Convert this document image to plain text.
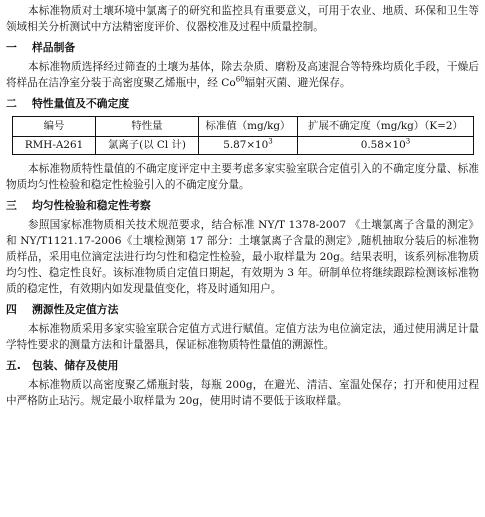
本标准物质对土壤环境中氯离子的研究和监控具有重要意义，可用于农业、地质、环保和卫生等领域相关分析测试中方法精密度评价、仪器校准及过程中质量控制。

一 样品制备

本标准物质选择经过筛查的土壤为基体，除去杂质、磨粉及高速混合等特殊均质化手段，干燥后将样品在洁净室分装于高密度聚乙烯瓶中，经 Co$^{60}$辐射灭菌、避光保存。

二 特性量值及不确定度
编号	特性量	标准值（mg/kg）	扩展不确定度（mg/kg）（K=2）
RMH-A261	氯离子(以 Cl 计)	$5.87\times 10^3$	$0.58\times 10^3$

本标准物质特性量值的不确定度评定中主要考虑多家实验室联合定值引入的不确定度分量、标准物质均匀性检验和稳定性检验引入的不确定度分量。

三 均匀性检验和稳定性考察

参照国家标准物质相关技术规范要求，结合标准 NY/T 1378-2007 《土壤氯离子含量的测定》和 NY/T1121.17-2006《土壤检测第 17 部分：土壤氯离子含量的测定》,随机抽取分装后的标准物质样品，采用电位滴定法进行均匀性和稳定性检验，最小取样量为 20g。结果表明，该系列标准物质均匀性、稳定性良好。该标准物质自定值日期起，有效期为 3 年。研制单位将继续跟踪检测该标准物质的稳定性，有效期内如发现量值变化，将及时通知用户。

四 溯源性及定值方法

本标准物质采用多家实验室联合定值方式进行赋值。定值方法为电位滴定法，通过使用满足计量学特性要求的测量方法和计量器具，保证标准物质特性量值的溯源性。

五. 包装、储存及使用

本标准物质以高密度聚乙烯瓶封装，每瓶 200g，在避光、清洁、室温处保存；打开和使用过程中严格防止玷污。规定最小取样量为 20g，使用时请不要低于该取样量。
